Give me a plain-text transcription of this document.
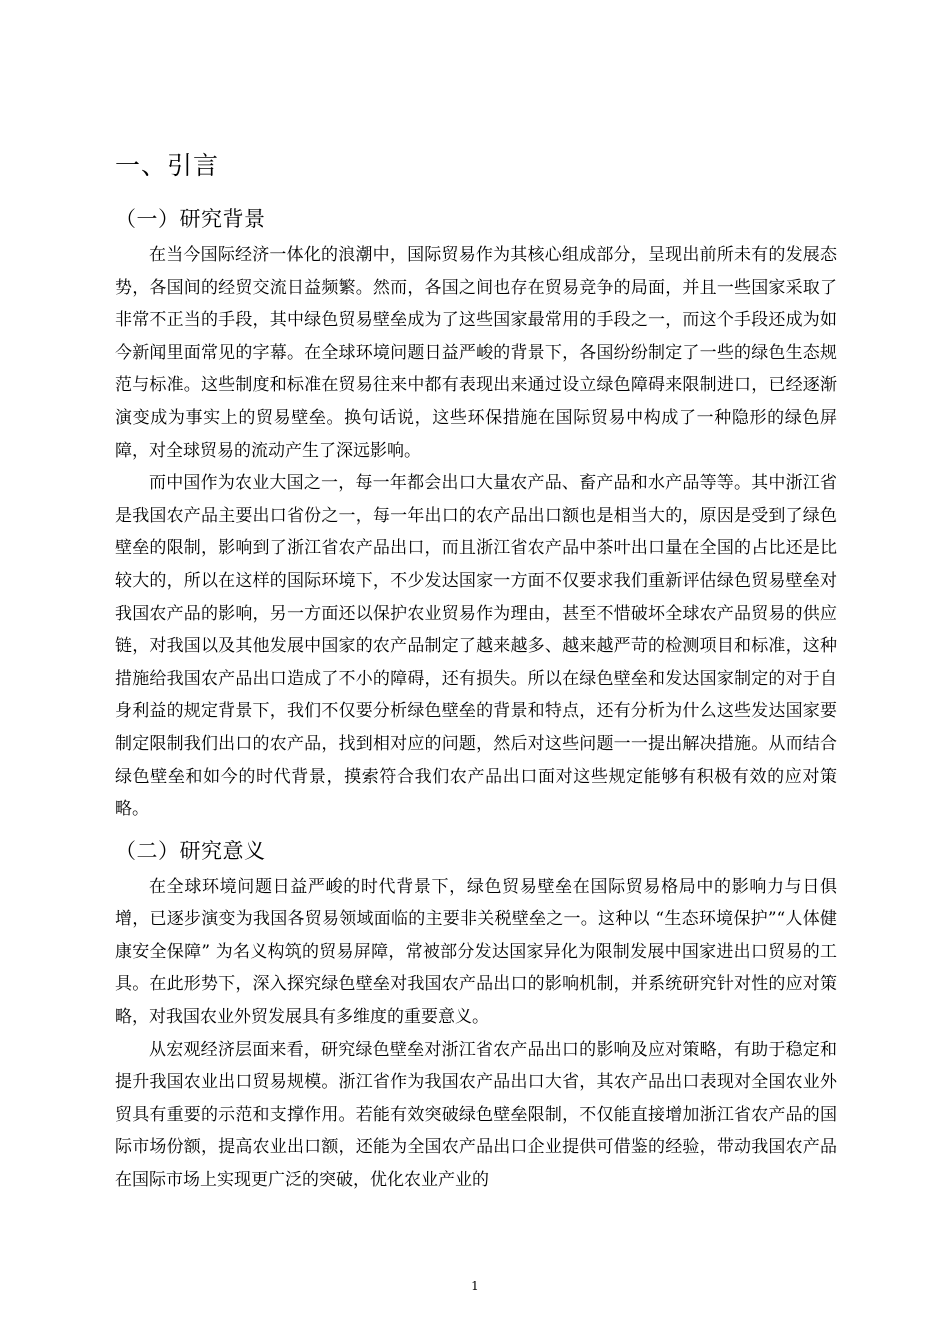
一、引言
（一）研究背景

在当今国际经济一体化的浪潮中，国际贸易作为其核心组成部分，呈现出前所未有的发展态势，各国间的经贸交流日益频繁。然而，各国之间也存在贸易竞争的局面，并且一些国家采取了非常不正当的手段，其中绿色贸易壁垒成为了这些国家最常用的手段之一，而这个手段还成为如今新闻里面常见的字幕。在全球环境问题日益严峻的背景下，各国纷纷制定了一些的绿色生态规范与标准。这些制度和标准在贸易往来中都有表现出来通过设立绿色障碍来限制进口，已经逐渐演变成为事实上的贸易壁垒。换句话说，这些环保措施在国际贸易中构成了一种隐形的绿色屏障，对全球贸易的流动产生了深远影响。

而中国作为农业大国之一，每一年都会出口大量农产品、畜产品和水产品等等。其中浙江省是我国农产品主要出口省份之一，每一年出口的农产品出口额也是相当大的，原因是受到了绿色壁垒的限制，影响到了浙江省农产品出口，而且浙江省农产品中茶叶出口量在全国的占比还是比较大的，所以在这样的国际环境下，不少发达国家一方面不仅要求我们重新评估绿色贸易壁垒对我国农产品的影响，另一方面还以保护农业贸易作为理由，甚至不惜破坏全球农产品贸易的供应链，对我国以及其他发展中国家的农产品制定了越来越多、越来越严苛的检测项目和标准，这种措施给我国农产品出口造成了不小的障碍，还有损失。所以在绿色壁垒和发达国家制定的对于自身利益的规定背景下，我们不仅要分析绿色壁垒的背景和特点，还有分析为什么这些发达国家要制定限制我们出口的农产品，找到相对应的问题，然后对这些问题一一提出解决措施。从而结合绿色壁垒和如今的时代背景，摸索符合我们农产品出口面对这些规定能够有积极有效的应对策略。

（二）研究意义

在全球环境问题日益严峻的时代背景下，绿色贸易壁垒在国际贸易格局中的影响力与日俱增，已逐步演变为我国各贸易领域面临的主要非关税壁垒之一。这种以 “生态环境保护”“人体健康安全保障” 为名义构筑的贸易屏障，常被部分发达国家异化为限制发展中国家进出口贸易的工具。在此形势下，深入探究绿色壁垒对我国农产品出口的影响机制，并系统研究针对性的应对策略，对我国农业外贸发展具有多维度的重要意义。

从宏观经济层面来看，研究绿色壁垒对浙江省农产品出口的影响及应对策略，有助于稳定和提升我国农业出口贸易规模。浙江省作为我国农产品出口大省，其农产品出口表现对全国农业外贸具有重要的示范和支撑作用。若能有效突破绿色壁垒限制，不仅能直接增加浙江省农产品的国际市场份额，提高农业出口额，还能为全国农产品出口企业提供可借鉴的经验，带动我国农产品在国际市场上实现更广泛的突破，优化农业产业的

1
